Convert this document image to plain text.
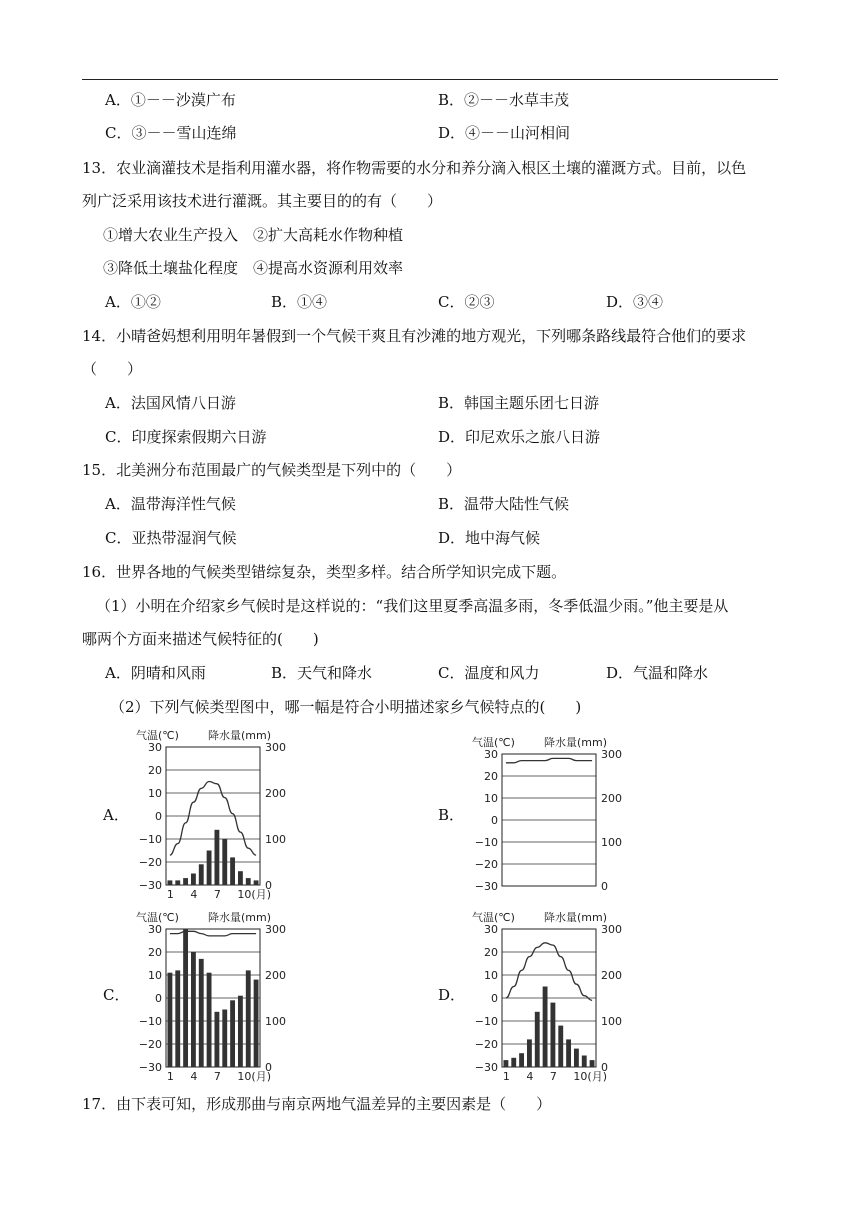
A．①－－沙漠广布	B．②－－水草丰茂
C．③－－雪山连绵	D．④－－山河相间
13．农业滴灌技术是指利用灌水器，将作物需要的水分和养分滴入根区土壤的灌溉方式。目前，以色
列广泛采用该技术进行灌溉。其主要目的的有（　　）
①增大农业生产投入　②扩大高耗水作物种植
③降低土壤盐化程度　④提高水资源利用效率
A．①②	B．①④	C．②③	D．③④
14．小晴爸妈想利用明年暑假到一个气候干爽且有沙滩的地方观光，下列哪条路线最符合他们的要求
（　　）
A．法国风情八日游	B．韩国主题乐团七日游
C．印度探索假期六日游	D．印尼欢乐之旅八日游
15．北美洲分布范围最广的气候类型是下列中的（　　）
A．温带海洋性气候	B．温带大陆性气候
C．亚热带湿润气候	D．地中海气候
16．世界各地的气候类型错综复杂，类型多样。结合所学知识完成下题。
（1）小明在介绍家乡气候时是这样说的：“我们这里夏季高温多雨，冬季低温少雨。”他主要是从
哪两个方面来描述气候特征的(　　)
A．阴晴和风雨	B．天气和降水	C．温度和风力	D．气温和降水
（2）下列气候类型图中，哪一幅是符合小明描述家乡气候特点的(　　)
A．	B．
C．	D．
气温(℃)	降水量(mm)
30
20
10
0
−10
−20
−30
300
200
100
0
1 4 7 10(月)
气温(℃)	降水量(mm)
30
20
10
0
−10
−20
−30
300
200
100
0
气温(℃)	降水量(mm)
30
20
10
0
−10
−20
−30
300
200
100
0
1 4 7 10(月)
气温(℃)	降水量(mm)
30
20
10
0
−10
−20
−30
300
200
100
0
1 4 7 10(月)
17．由下表可知，形成那曲与南京两地气温差异的主要因素是（　　）
